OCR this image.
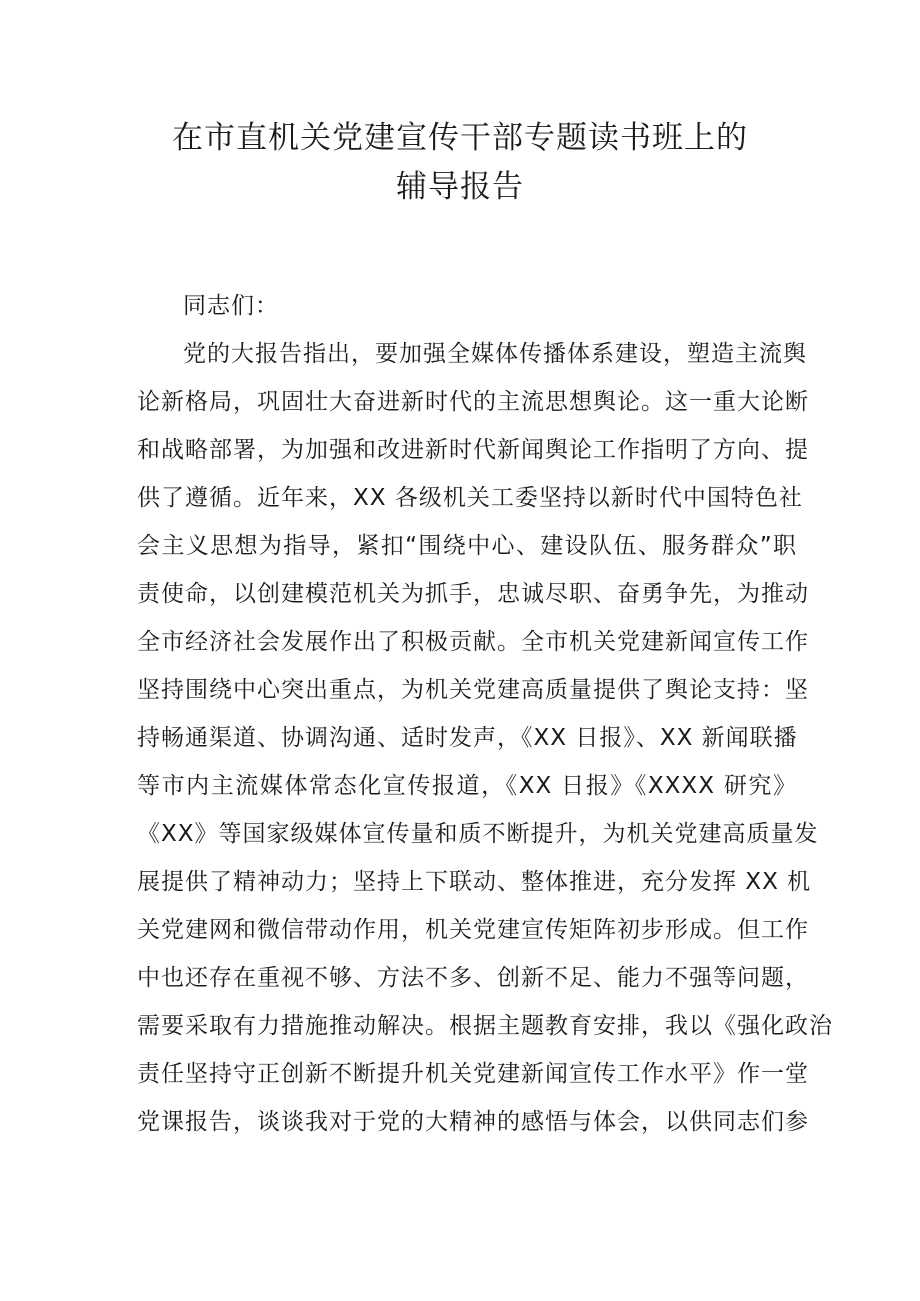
在市直机关党建宣传干部专题读书班上的
辅导报告

同志们：

党的大报告指出，要加强全媒体传播体系建设，塑造主流舆
论新格局，巩固壮大奋进新时代的主流思想舆论。这一重大论断
和战略部署，为加强和改进新时代新闻舆论工作指明了方向、提
供了遵循。近年来，XX 各级机关工委坚持以新时代中国特色社
会主义思想为指导，紧扣“围绕中心、建设队伍、服务群众”职
责使命，以创建模范机关为抓手，忠诚尽职、奋勇争先，为推动
全市经济社会发展作出了积极贡献。全市机关党建新闻宣传工作
坚持围绕中心突出重点，为机关党建高质量提供了舆论支持：坚
持畅通渠道、协调沟通、适时发声，《XX 日报》、XX 新闻联播
等市内主流媒体常态化宣传报道，《XX 日报》《XXXX 研究》
《XX》等国家级媒体宣传量和质不断提升，为机关党建高质量发
展提供了精神动力；坚持上下联动、整体推进，充分发挥 XX 机
关党建网和微信带动作用，机关党建宣传矩阵初步形成。但工作
中也还存在重视不够、方法不多、创新不足、能力不强等问题，
需要采取有力措施推动解决。根据主题教育安排，我以《强化政治
责任坚持守正创新不断提升机关党建新闻宣传工作水平》作一堂
党课报告，谈谈我对于党的大精神的感悟与体会，以供同志们参
